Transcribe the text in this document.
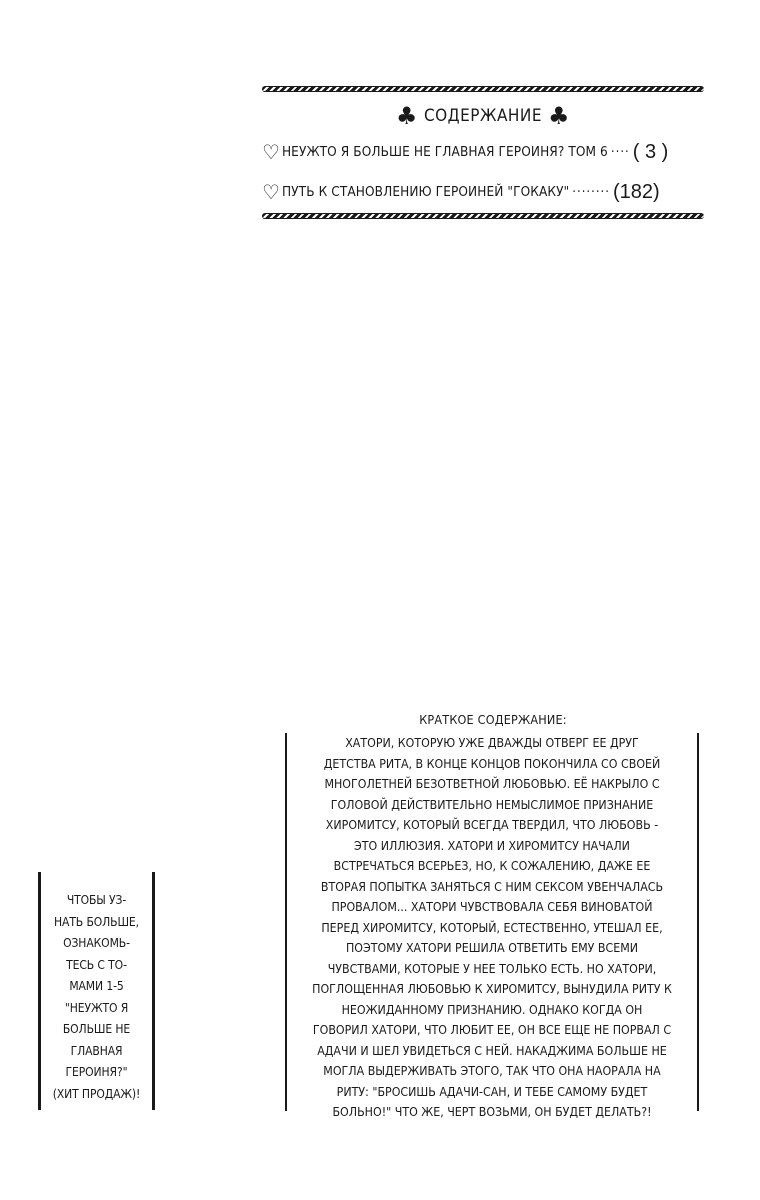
♣ СОДЕРЖАНИЕ ♣
♡ НЕУЖТО Я БОЛЬШЕ НЕ ГЛАВНАЯ ГЕРОИНЯ? ТОМ 6 ···· ( 3 )
♡ ПУТЬ К СТАНОВЛЕНИЮ ГЕРОИНЕЙ "ГОКАКУ" ········ (182)
ЧТОБЫ УЗ-
НАТЬ БОЛЬШЕ,
ОЗНАКОМЬ-
ТЕСЬ С ТО-
МАМИ 1-5
"НЕУЖТО Я
БОЛЬШЕ НЕ
ГЛАВНАЯ
ГЕРОИНЯ?"
(ХИТ ПРОДАЖ)!
КРАТКОЕ СОДЕРЖАНИЕ:
ХАТОРИ, КОТОРУЮ УЖЕ ДВАЖДЫ ОТВЕРГ ЕЕ ДРУГ
ДЕТСТВА РИТА, В КОНЦЕ КОНЦОВ ПОКОНЧИЛА СО СВОЕЙ
МНОГОЛЕТНЕЙ БЕЗОТВЕТНОЙ ЛЮБОВЬЮ. ЕЁ НАКРЫЛО С
ГОЛОВОЙ ДЕЙСТВИТЕЛЬНО НЕМЫСЛИМОЕ ПРИЗНАНИЕ
ХИРОМИТСУ, КОТОРЫЙ ВСЕГДА ТВЕРДИЛ, ЧТО ЛЮБОВЬ -
ЭТО ИЛЛЮЗИЯ. ХАТОРИ И ХИРОМИТСУ НАЧАЛИ
ВСТРЕЧАТЬСЯ ВСЕРЬЕЗ, НО, К СОЖАЛЕНИЮ, ДАЖЕ ЕЕ
ВТОРАЯ ПОПЫТКА ЗАНЯТЬСЯ С НИМ СЕКСОМ УВЕНЧАЛАСЬ
ПРОВАЛОМ... ХАТОРИ ЧУВСТВОВАЛА СЕБЯ ВИНОВАТОЙ
ПЕРЕД ХИРОМИТСУ, КОТОРЫЙ, ЕСТЕСТВЕННО, УТЕШАЛ ЕЕ,
ПОЭТОМУ ХАТОРИ РЕШИЛА ОТВЕТИТЬ ЕМУ ВСЕМИ
ЧУВСТВАМИ, КОТОРЫЕ У НЕЕ ТОЛЬКО ЕСТЬ. НО ХАТОРИ,
ПОГЛОЩЕННАЯ ЛЮБОВЬЮ К ХИРОМИТСУ, ВЫНУДИЛА РИТУ К
НЕОЖИДАННОМУ ПРИЗНАНИЮ. ОДНАКО КОГДА ОН
ГОВОРИЛ ХАТОРИ, ЧТО ЛЮБИТ ЕЕ, ОН ВСЕ ЕЩЕ НЕ ПОРВАЛ С
АДАЧИ И ШЕЛ УВИДЕТЬСЯ С НЕЙ. НАКАДЖИМА БОЛЬШЕ НЕ
МОГЛА ВЫДЕРЖИВАТЬ ЭТОГО, ТАК ЧТО ОНА НАОРАЛА НА
РИТУ: "БРОСИШЬ АДАЧИ-САН, И ТЕБЕ САМОМУ БУДЕТ
БОЛЬНО!" ЧТО ЖЕ, ЧЕРТ ВОЗЬМИ, ОН БУДЕТ ДЕЛАТЬ?!
